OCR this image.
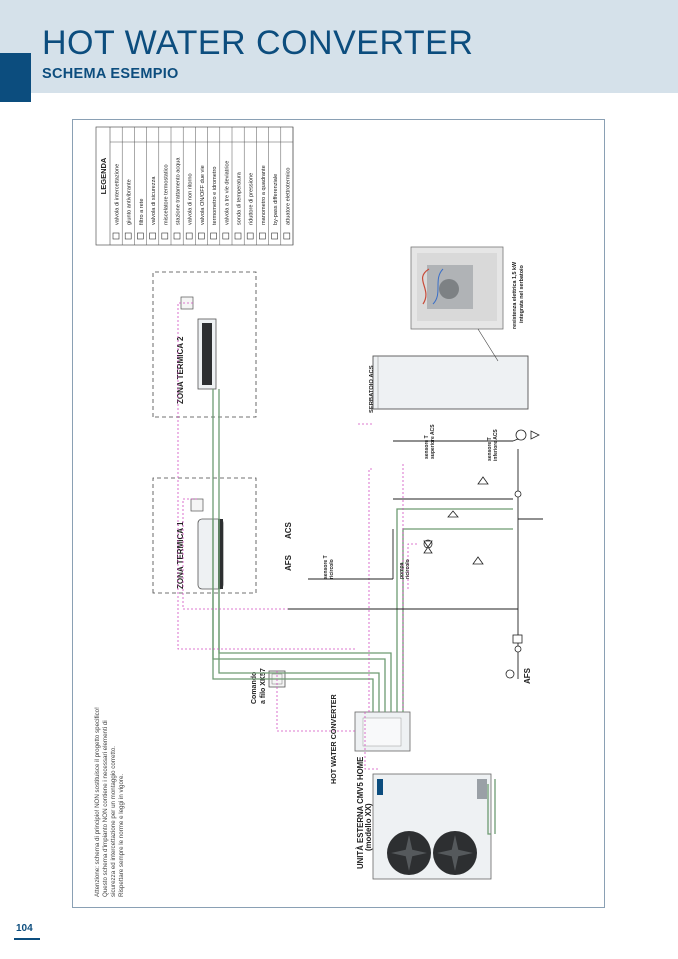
HOT WATER CONVERTER
SCHEMA ESEMPIO
LEGENDA valvola di intercettazione giunto antivibrante filtro a rete valvola di sicurezza miscelatore termostatico stazione trattamento acqua valvola di non ritorno valvola ON/OFF due vie termometro e idrometro valvola a tre vie deviatrice sonda di temperatura riduttore di pressione manometro a quadrante by-pass differenziale attuatore elettrotermico
Attenzione: schema di principio! NON sostituisce il progetto specifico! Questo schema d'impianto NON contiene i necessari elementi di sicurezza ed intercettazione per un montaggio corretto. Rispettare sempre le norme e leggi in vigore.	UNITÀ ESTERNA CMV5 HOME (modello XX)
HOT WATER CONVERTER
Comando a filo XK57
ZONA TERMICA 1
ZONA TERMICA 2	SERBATOIO ACS
resistenza elettrica 1,5 kW integrata nel serbatoio
AFS
ACS
AFS
sensore T ricircolo	pompa ricircolo
sensore T superiore ACS	sensore T inferiore ACS
104
